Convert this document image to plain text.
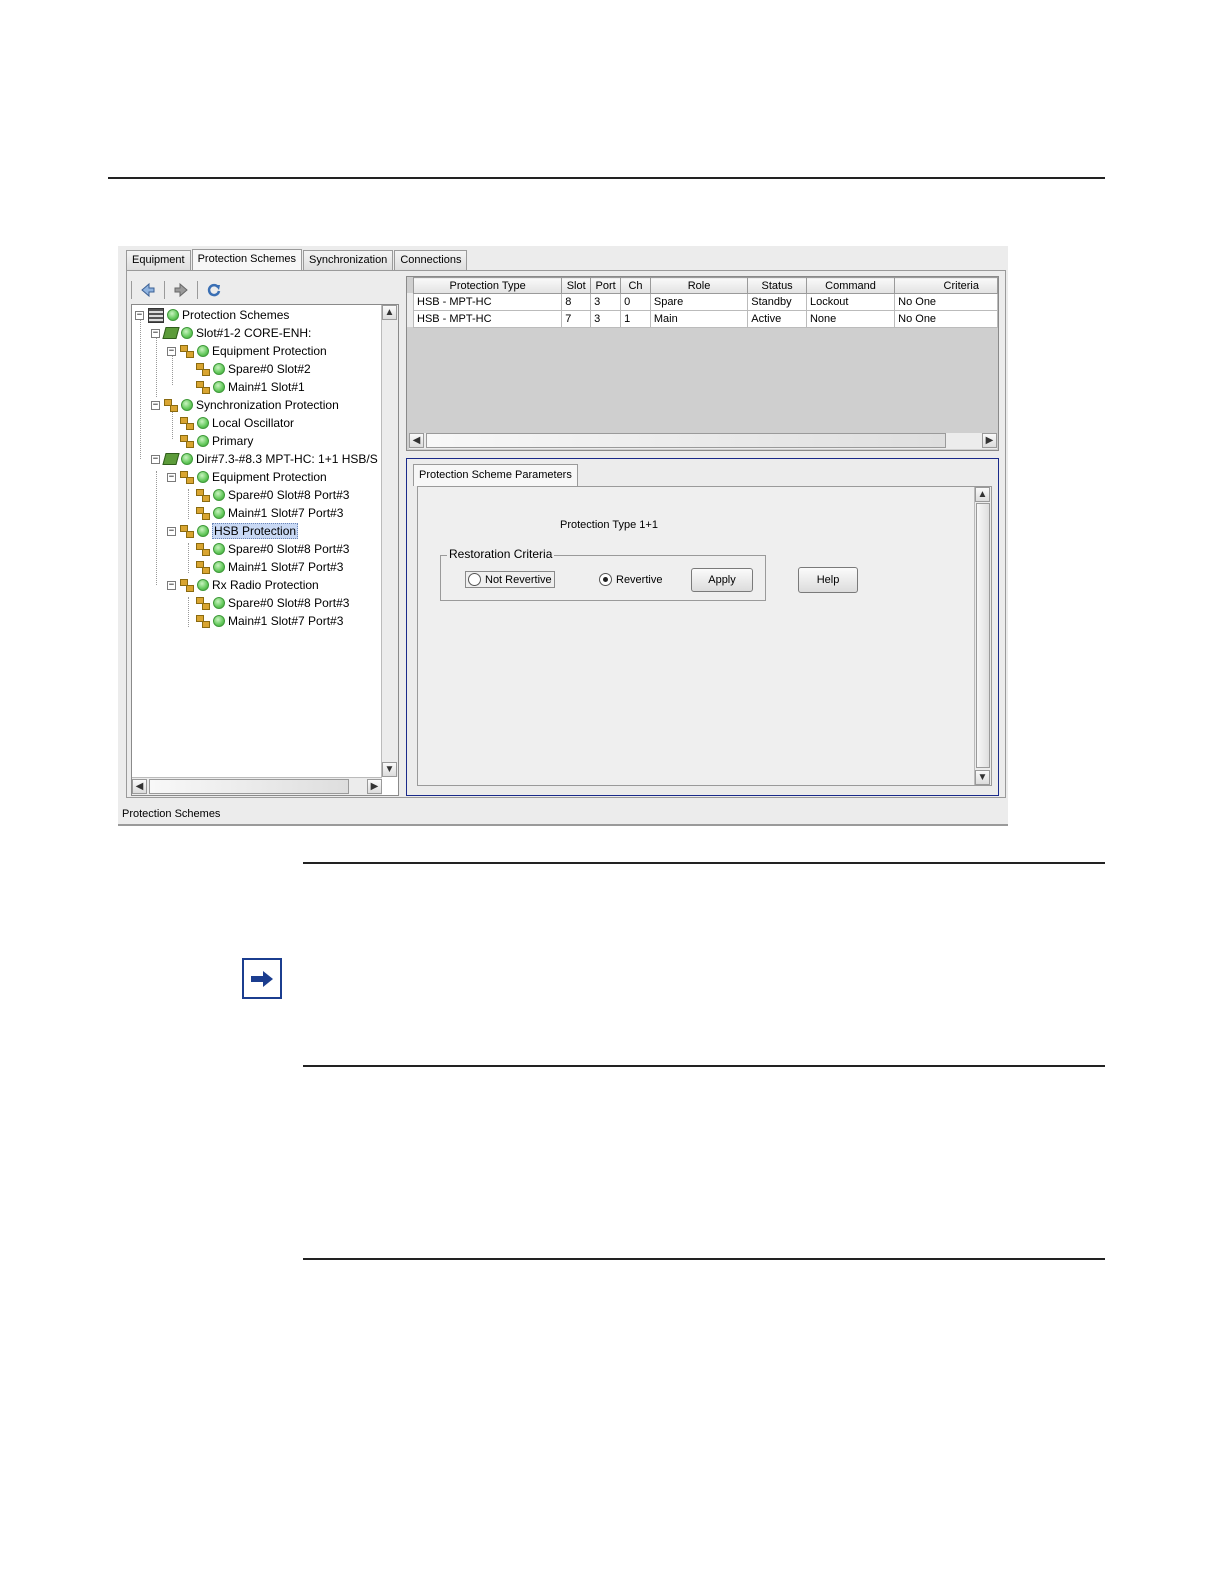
Equipment	Protection Schemes	Synchronization	Connections
−	Protection Schemes
−	Slot#1-2 CORE-ENH:
−	Equipment Protection
Spare#0 Slot#2
Main#1 Slot#1
−	Synchronization Protection
Local Oscillator
Primary
−	Dir#7.3-#8.3 MPT-HC: 1+1 HSB/S
−	Equipment Protection
Spare#0 Slot#8 Port#3
Main#1 Slot#7 Port#3
−	HSB Protection
Spare#0 Slot#8 Port#3
Main#1 Slot#7 Port#3
−	Rx Radio Protection
Spare#0 Slot#8 Port#3
Main#1 Slot#7 Port#3
▲
▼
◀	▶
Protection Type	Slot	Port	Ch	Role	Status	Command	Criteria
HSB - MPT-HC	8	3	0	Spare	Standby	Lockout	No One
HSB - MPT-HC	7	3	1	Main	Active	None	No One
◀	▶
Protection Scheme Parameters
Protection Type 1+1
Restoration Criteria
Not Revertive	Revertive	Apply	Help
▲
▼
Protection Schemes
